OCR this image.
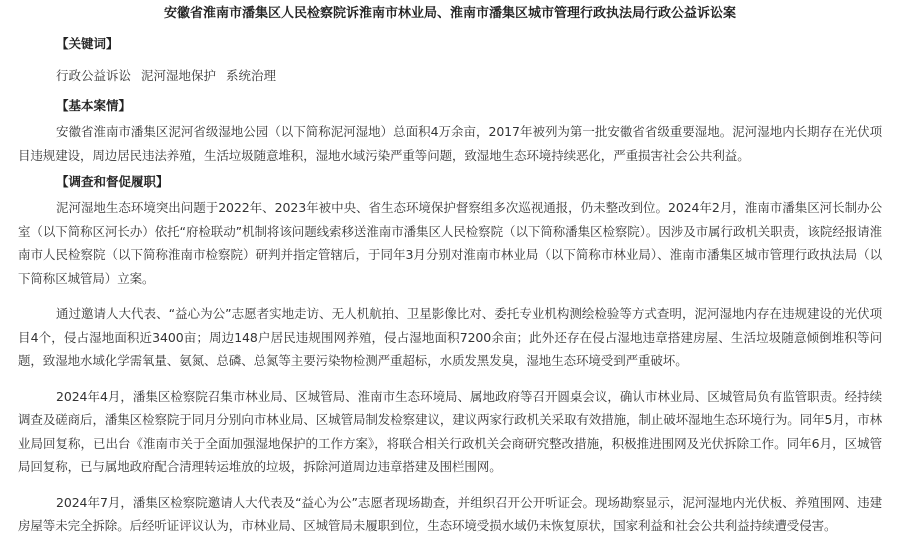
安徽省淮南市潘集区人民检察院诉淮南市林业局、淮南市潘集区城市管理行政执法局行政公益诉讼案
【关键词】
行政公益诉讼 泥河湿地保护 系统治理
【基本案情】

安徽省淮南市潘集区泥河省级湿地公园（以下简称泥河湿地）总面积4万余亩，2017年被列为第一批安徽省省级重要湿地。泥河湿地内长期存在光伏项目违规建设，周边居民违法养殖，生活垃圾随意堆积，湿地水域污染严重等问题，致湿地生态环境持续恶化，严重损害社会公共利益。

【调查和督促履职】

泥河湿地生态环境突出问题于2022年、2023年被中央、省生态环境保护督察组多次巡视通报，仍未整改到位。2024年2月，淮南市潘集区河长制办公室（以下简称区河长办）依托“府检联动”机制将该问题线索移送淮南市潘集区人民检察院（以下简称潘集区检察院）。因涉及市属行政机关职责，该院经报请淮南市人民检察院（以下简称淮南市检察院）研判并指定管辖后，于同年3月分别对淮南市林业局（以下简称市林业局）、淮南市潘集区城市管理行政执法局（以下简称区城管局）立案。

通过邀请人大代表、“益心为公”志愿者实地走访、无人机航拍、卫星影像比对、委托专业机构测绘检验等方式查明，泥河湿地内存在违规建设的光伏项目4个，侵占湿地面积近3400亩；周边148户居民违规围网养殖，侵占湿地面积7200余亩；此外还存在侵占湿地违章搭建房屋、生活垃圾随意倾倒堆积等问题，致湿地水域化学需氧量、氨氮、总磷、总氮等主要污染物检测严重超标，水质发黑发臭，湿地生态环境受到严重破坏。

2024年4月，潘集区检察院召集市林业局、区城管局、淮南市生态环境局、属地政府等召开圆桌会议，确认市林业局、区城管局负有监管职责。经持续调查及磋商后，潘集区检察院于同月分别向市林业局、区城管局制发检察建议，建议两家行政机关采取有效措施，制止破坏湿地生态环境行为。同年5月，市林业局回复称，已出台《淮南市关于全面加强湿地保护的工作方案》，将联合相关行政机关会商研究整改措施，积极推进围网及光伏拆除工作。同年6月，区城管局回复称，已与属地政府配合清理转运堆放的垃圾，拆除河道周边违章搭建及围栏围网。

2024年7月，潘集区检察院邀请人大代表及“益心为公”志愿者现场勘查，并组织召开公开听证会。现场勘察显示，泥河湿地内光伏板、养殖围网、违建房屋等未完全拆除。后经听证评议认为，市林业局、区城管局未履职到位，生态环境受损水域仍未恢复原状，国家利益和社会公共利益持续遭受侵害。
